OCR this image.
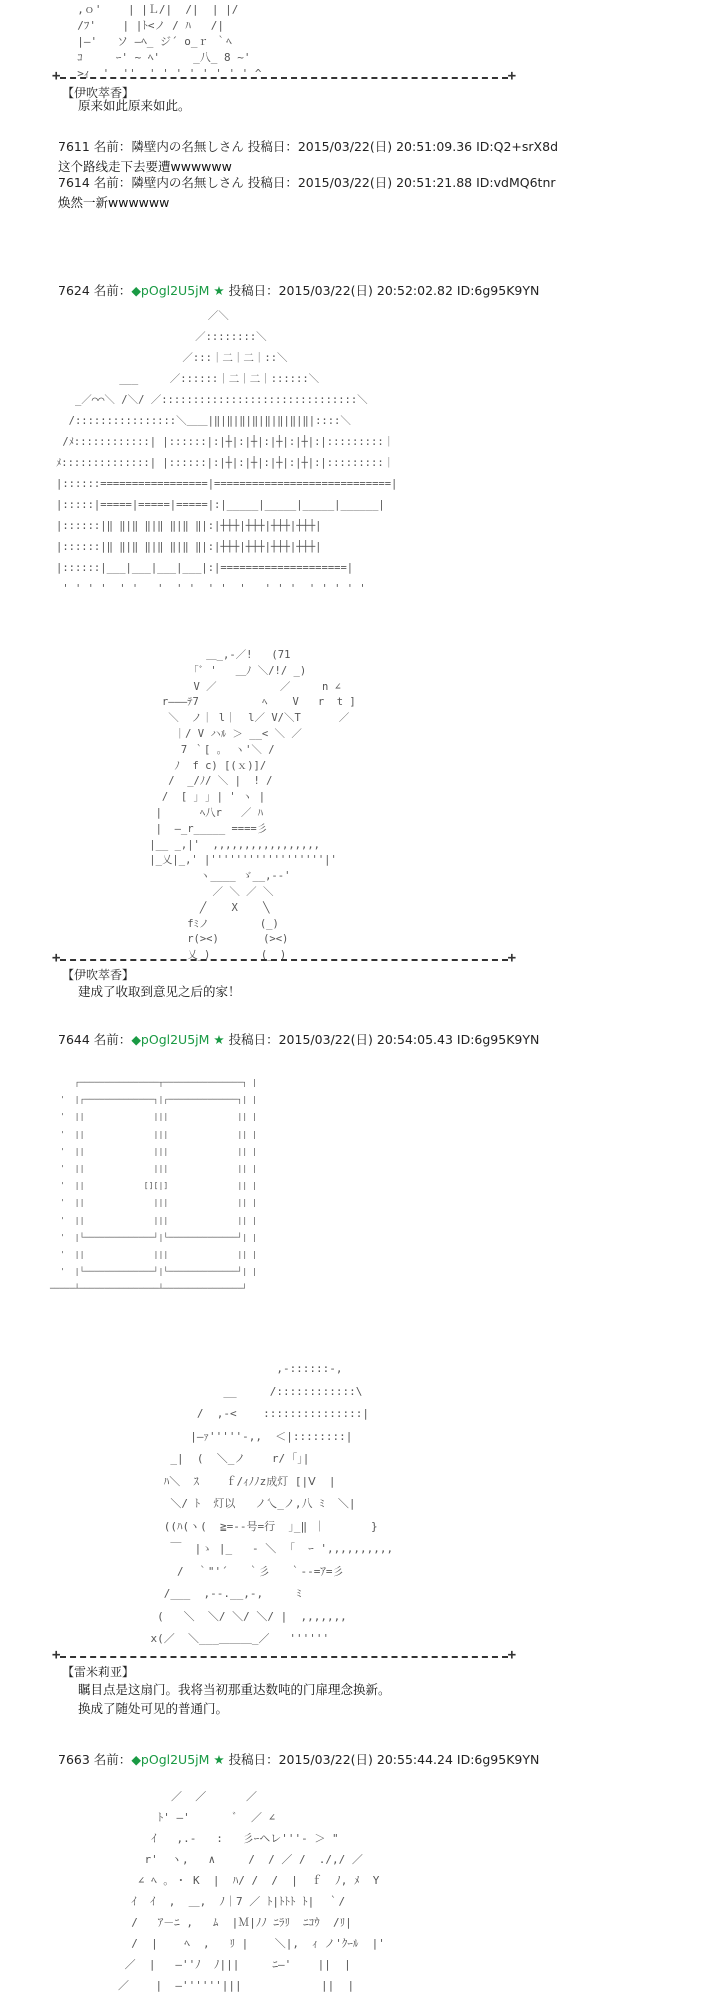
,ｏ'    | |Ｌ/|  /|  | |/
/ﾌ'    | |ﾄ<ノ / ﾊ   /|
|―'   ソ ―ﾍ_ ジ´ o_ｒ ｀ﾍ
ｺ     ｰ' ~ ﾍ'     _八_ 8 ~'
>ｨ  '  ''  ' ' ' ' ' ' ' ' ^
+	+
【伊吹萃香】
原来如此原来如此。
7611 名前：隣壁内の名無しさん 投稿日：2015/03/22(日) 20:51:09.36 ID:Q2+srX8d
这个路线走下去要遭wwwwww
7614 名前：隣壁内の名無しさん 投稿日：2015/03/22(日) 20:51:21.88 ID:vdMQ6tnr
焕然一新wwwwww
7624 名前：◆pOgl2U5jM ★ 投稿日：2015/03/22(日) 20:52:02.82 ID:6g95K9YN
／＼
／::::::::＼
／:::｜二｜二｜::＼
___     ／::::::｜二｜二｜::::::＼
_／⌒⌒＼ /＼/ ／:::::::::::::::::::::::::::::::＼
/::::::::::::::::＼＿＿|‖|‖|‖|‖|‖|‖|‖|‖|::::＼
/ﾒ::::::::::::| |::::::|:|┼|:|┼|:|┼|:|┼|:|:::::::::｜
ﾒ::::::::::::::| |::::::|:|┼|:|┼|:|┼|:|┼|:|:::::::::｜
|::::::=================|============================|
|:::::|=====|=====|=====|:|_____|_____|_____|______|
|::::::|‖ ‖|‖ ‖|‖ ‖|‖ ‖|:|┼┼┼|┼┼┼|┼┼┼|┼┼┼|
|::::::|‖ ‖|‖ ‖|‖ ‖|‖ ‖|:|┼┼┼|┼┼┼|┼┼┼|┼┼┼|
|::::::|___|___|___|___|:|====================|
' ' ' '  ' '   '  ' '  ' '  '   ' ' '  ' ' ' ' '
＿_,-／!   (71
｢ﾞ '   ＿ﾉ ＼/!/ _)
V ／          ／     n ∠
r―――ﾃ7          ﾍ    V   r  t ]
＼  ノ｜ l｜  l／ V/＼T      ／
｜/ V ハﾙ ＞ __< ＼ ／
7 ｀[ ｡  ヽ'＼ /
ﾉ  f c) [(ｘ)]/
/  _/ﾉ/ ＼ |  ! /
/  [ ｣ ｣ | ' ヽ |
|      ﾍ八r   ／ ﾊ
|  ―_r_____ ====彡
|__ _,|'  ,,,,,,,,,,,,,,,,,
|_乂|_,' |''''''''''''''''''|'
ヽ____ ゞ__,--'
／ ＼ ／ ＼
╱    X    ╲
fﾐノ        (_)
r(><)       (><)
乂_)        (_ )
+	+
【伊吹萃香】
建成了收取到意见之后的家！
7644 名前：◆pOgl2U5jM ★ 投稿日：2015/03/22(日) 20:54:05.43 ID:6g95K9YN
┌────────────────┬────────────────┐ |
'  |┌──────────────┐|┌──────────────┐| |
'  ||              |||              || |
'  ||              |||              || |
'  ||              |||              || |
'  ||              |||              || |
'  ||            [][|]              || |
'  ||              |||              || |
'  ||              |||              || |
'  |└──────────────┘|└──────────────┘| |
'  ||              |||              || |
'  |└──────────────┘|└──────────────┘| |
─────┴────────────────┴────────────────┘
,-::::::-,
__     /::::::::::::\
/  ,-<    :::::::::::::::|
|―ｧ'''''-,,  ＜|::::::::|
_|  (  ＼_ノ    r/ ｢｣|
ﾊ＼  ｽ    ｆ/ｨﾉﾉz成灯 [|Ⅴ  |
＼/ ﾄ  灯以   ノ乀_ノ,八 ﾐ  ＼|
((ﾊ(ヽ(  ≧=--号=行  ｣_‖ ｜       }
￣  |ゝ |_   ‐ ＼  ｢  ｰ ',,,,,,,,,,
/  ｀"'´   ｀彡   ｀‐-=ｱ=彡
/___  ,--.__,-,     ﾐ
(   ＼  ＼/ ＼/ ＼/ |  ,,,,,,,
x(／  ＼___＿＿＿_／   ''''''
+	+
【雷米莉亚】
瞩目点是这扇门。我将当初那重达数吨的门扉理念换新。
换成了随处可见的普通门。
7663 名前：◆pOgl2U5jM ★ 投稿日：2015/03/22(日) 20:55:44.24 ID:6g95K9YN
／  ／      ／
ﾄ' ―'       ﾞ  ／ ∠
ｲ   ,.-   :   彡ｰヘレ'''‐ ＞ "
r'  ヽ,   ∧     /  / ／ /  ./,/ ／
∠ ﾍ ｡ ・ K  |  ﾊ/ /  /  |  ｆ  ﾉ, ﾒ  Y
ｲ  ｲ  ,  ＿,  ﾉ｜7 ／ ﾄ|ﾄﾄﾄ ﾄ|  ｀/
/   ｱ－ﾆ ,   ﾑ  |Ｍ|ﾉﾉ ﾆﾗﾘ  ﾆｺｳ  /ﾘ|
/  |    ﾍ  ,   ﾘ |    ＼|,  ｨ ノ'ｸｰﾙ  |'
／  |   ―''ﾉ  ﾉ|||     ﾆ―'    ||  |
／    |  ―''''''|||            ||  |
